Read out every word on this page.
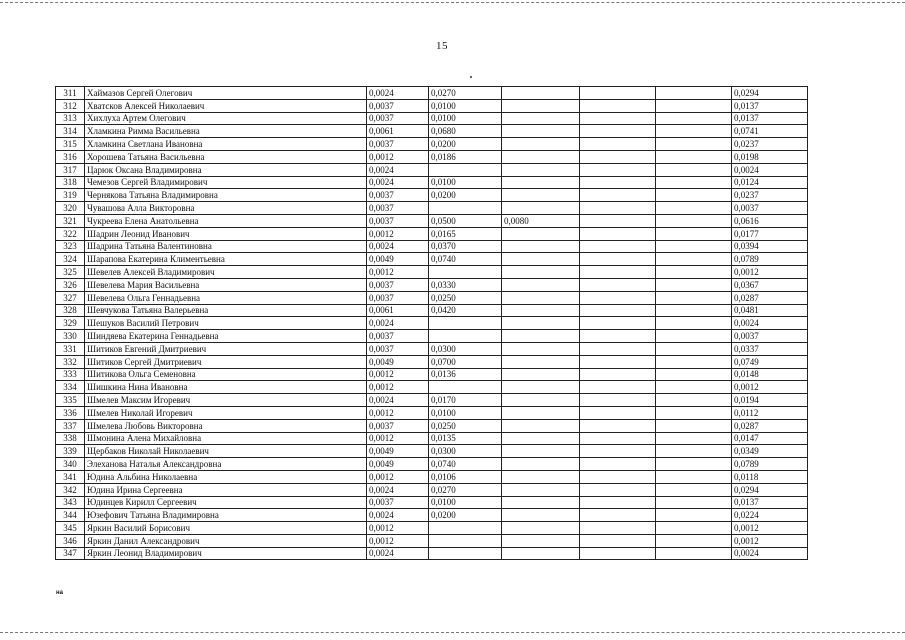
15
311	Хаймазов Сергей Олегович	0,0024	0,0270				0,0294
312	Хватсков Алексей Николаевич	0,0037	0,0100				0,0137
313	Хихлуха Артем Олегович	0,0037	0,0100				0,0137
314	Хламкина Римма Васильевна	0,0061	0,0680				0,0741
315	Хламкина Светлана Ивановна	0,0037	0,0200				0,0237
316	Хорошева Татьяна Васильевна	0,0012	0,0186				0,0198
317	Царюк Оксана Владимировна	0,0024					0,0024
318	Чемезов Сергей Владимирович	0,0024	0,0100				0,0124
319	Чернякова Татьяна Владимировна	0,0037	0,0200				0,0237
320	Чувашова Алла Викторовна	0,0037					0,0037
321	Чукреева Елена Анатольевна	0,0037	0,0500	0,0080			0,0616
322	Шадрин Леонид Иванович	0,0012	0,0165				0,0177
323	Шадрина Татьяна Валентиновна	0,0024	0,0370				0,0394
324	Шарапова Екатерина Климентьевна	0,0049	0,0740				0,0789
325	Шевелев Алексей Владимирович	0,0012					0,0012
326	Шевелева Мария Васильевна	0,0037	0,0330				0,0367
327	Шевелева Ольга Геннадьевна	0,0037	0,0250				0,0287
328	Шевчукова Татьяна Валерьевна	0,0061	0,0420				0,0481
329	Шешуков Василий Петрович	0,0024					0,0024
330	Шиндяева Екатерина Геннадьевна	0,0037					0,0037
331	Шитиков Евгений Дмитриевич	0,0037	0,0300				0,0337
332	Шитиков Сергей Дмитриевич	0,0049	0,0700				0,0749
333	Шитикова Ольга Семеновна	0,0012	0,0136				0,0148
334	Шишкина Нина Ивановна	0,0012					0,0012
335	Шмелев Максим Игоревич	0,0024	0,0170				0,0194
336	Шмелев Николай Игоревич	0,0012	0,0100				0,0112
337	Шмелева Любовь Викторовна	0,0037	0,0250				0,0287
338	Шмонина Алена Михайловна	0,0012	0,0135				0,0147
339	Щербаков Николай Николаевич	0,0049	0,0300				0,0349
340	Элеханова Наталья Александровна	0,0049	0,0740				0,0789
341	Юдина Альбина Николаевна	0,0012	0,0106				0,0118
342	Юдина Ирина Сергеевна	0,0024	0,0270				0,0294
343	Юдинцев Кирилл Сергеевич	0,0037	0,0100				0,0137
344	Юзефович Татьяна Владимировна	0,0024	0,0200				0,0224
345	Яркин Василий Борисович	0,0012					0,0012
346	Яркин Данил Александрович	0,0012					0,0012
347	Яркин Леонид Владимирович	0,0024					0,0024
на
